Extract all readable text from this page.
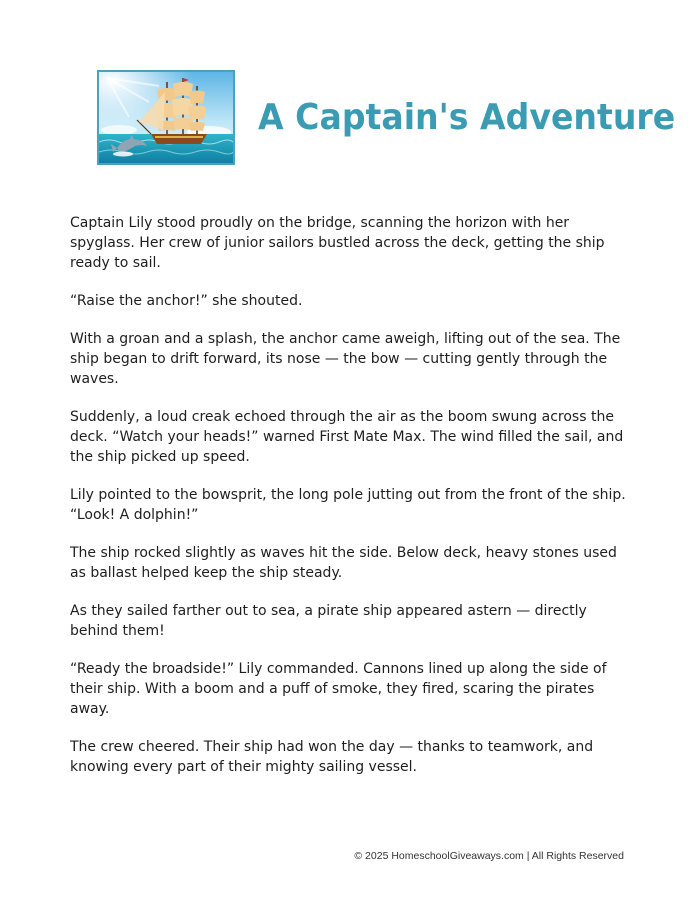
A Captain's Adventure

Captain Lily stood proudly on the bridge, scanning the horizon with her spyglass. Her crew of junior sailors bustled across the deck, getting the ship ready to sail.

“Raise the anchor!” she shouted.

With a groan and a splash, the anchor came aweigh, lifting out of the sea. The ship began to drift forward, its nose — the bow — cutting gently through the waves.

Suddenly, a loud creak echoed through the air as the boom swung across the deck. “Watch your heads!” warned First Mate Max. The wind filled the sail, and the ship picked up speed.

Lily pointed to the bowsprit, the long pole jutting out from the front of the ship. “Look! A dolphin!”

The ship rocked slightly as waves hit the side. Below deck, heavy stones used as ballast helped keep the ship steady.

As they sailed farther out to sea, a pirate ship appeared astern — directly behind them!

“Ready the broadside!” Lily commanded. Cannons lined up along the side of their ship. With a boom and a puff of smoke, they fired, scaring the pirates away.

The crew cheered. Their ship had won the day — thanks to teamwork, and knowing every part of their mighty sailing vessel.

© 2025 HomeschoolGiveaways.com | All Rights Reserved
